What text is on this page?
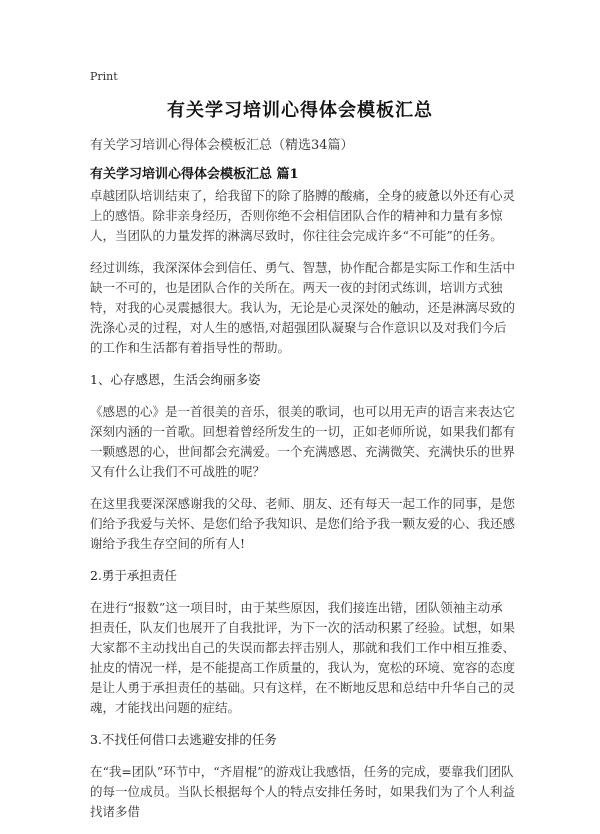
Print
有关学习培训心得体会模板汇总
有关学习培训心得体会模板汇总（精选34篇）
有关学习培训心得体会模板汇总 篇1

卓越团队培训结束了，给我留下的除了胳膊的酸痛，全身的疲惫以外还有心灵上的感悟。除非亲身经历，否则你绝不会相信团队合作的精神和力量有多惊人，当团队的力量发挥的淋漓尽致时，你往往会完成许多“不可能”的任务。

经过训练，我深深体会到信任、勇气、智慧，协作配合都是实际工作和生活中缺一不可的，也是团队合作的关所在。两天一夜的封闭式练训，培训方式独特，对我的心灵震撼很大。我认为，无论是心灵深处的触动，还是淋漓尽致的洗涤心灵的过程，对人生的感悟,对超强团队凝聚与合作意识以及对我们今后的工作和生活都有着指导性的帮助。

1、心存感恩，生活会绚丽多姿

《感恩的心》是一首很美的音乐，很美的歌词，也可以用无声的语言来表达它深刻内涵的一首歌。回想着曾经所发生的一切，正如老师所说，如果我们都有一颗感恩的心，世间都会充满爱。一个充满感恩、充满微笑、充满快乐的世界又有什么让我们不可战胜的呢？

在这里我要深深感谢我的父母、老师、朋友、还有每天一起工作的同事，是您们给予我爱与关怀、是您们给予我知识、是您们给予我一颗友爱的心、我还感谢给予我生存空间的所有人!

2.勇于承担责任

在进行“报数”这一项目时，由于某些原因，我们接连出错，团队领袖主动承担责任，队友们也展开了自我批评，为下一次的活动积累了经验。试想，如果大家都不主动找出自己的失误而都去抨击别人，那就和我们工作中相互推委、扯皮的情况一样，是不能提高工作质量的，我认为，宽松的环境、宽容的态度是让人勇于承担责任的基础。只有这样，在不断地反思和总结中升华自己的灵魂，才能找出问题的症结。

3.不找任何借口去逃避安排的任务

在“我=团队”环节中，“齐眉棍”的游戏让我感悟，任务的完成，要靠我们团队的每一位成员。当队长根据每个人的特点安排任务时，如果我们为了个人利益找诸多借
